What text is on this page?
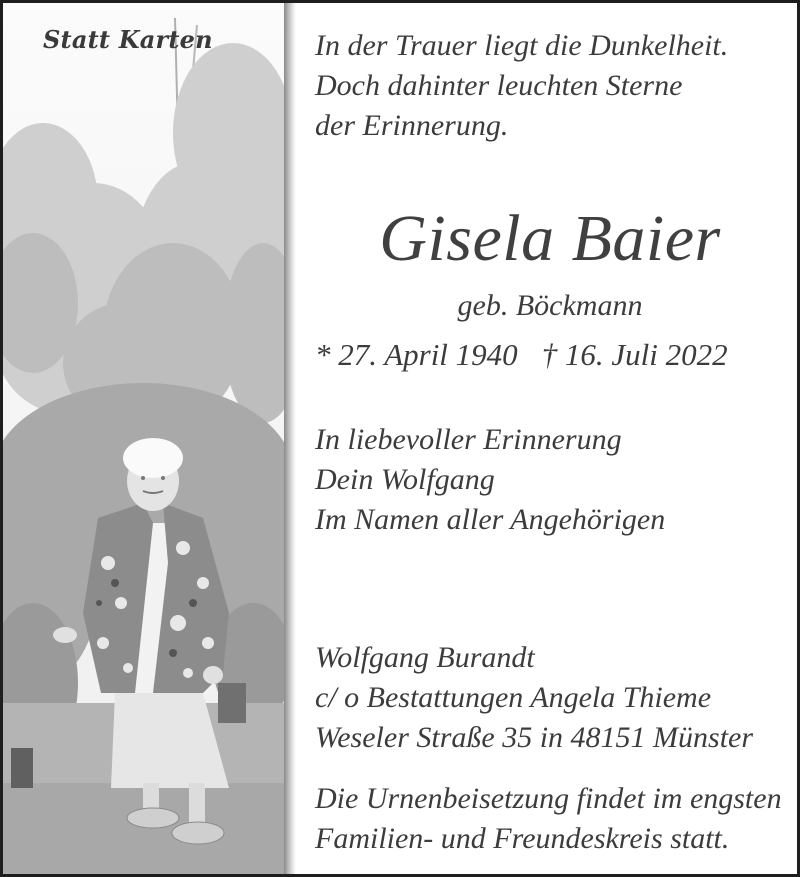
Statt Karten	In der Trauer liegt die Dunkelheit.
Doch dahinter leuchten Sterne
der Erinnerung.
Gisela Baier
geb. Böckmann
* 27. April 1940 † 16. Juli 2022
In liebevoller Erinnerung
Dein Wolfgang
Im Namen aller Angehörigen
Wolfgang Burandt
c/ o Bestattungen Angela Thieme
Weseler Straße 35 in 48151 Münster
Die Urnenbeisetzung findet im engsten
Familien- und Freundeskreis statt.
